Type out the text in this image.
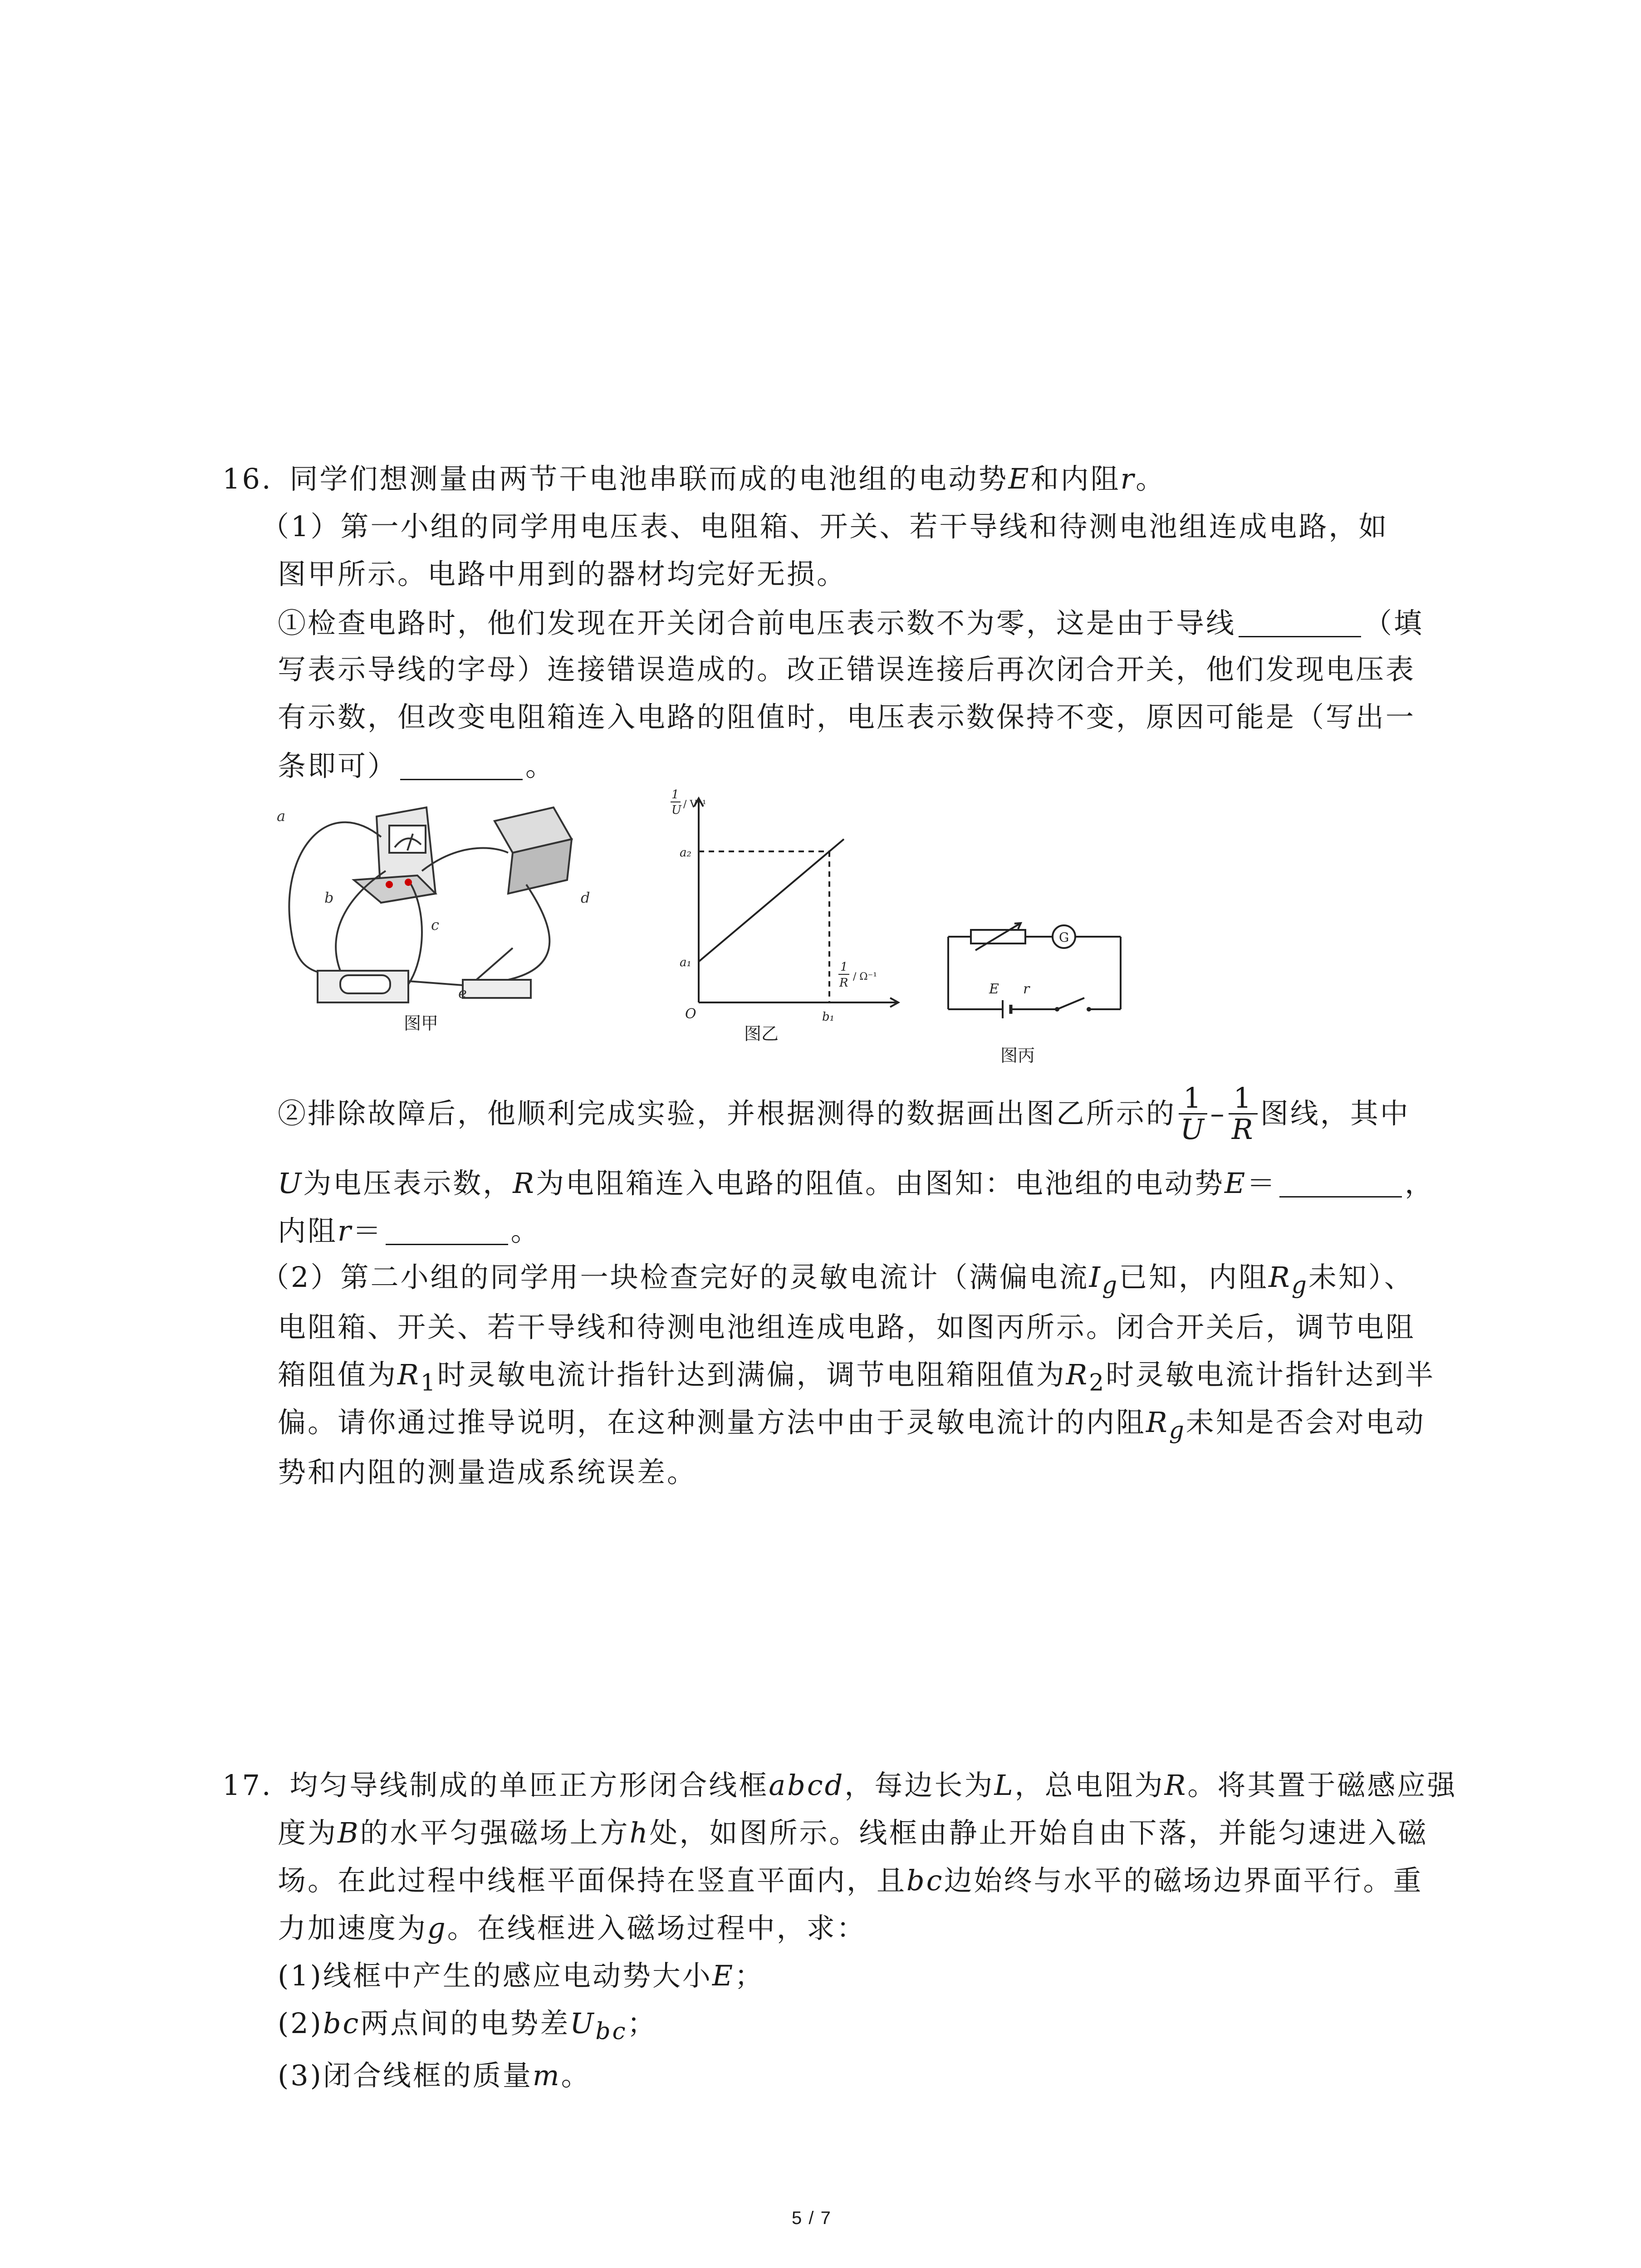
16. 同学们想测量由两节干电池串联而成的电池组的电动势E和内阻r。
（1）第一小组的同学用电压表、电阻箱、开关、若干导线和待测电池组连成电路，如
图甲所示。电路中用到的器材均完好无损。
①检查电路时，他们发现在开关闭合前电压表示数不为零，这是由于导线	（填
写表示导线的字母）连接错误造成的。改正错误连接后再次闭合开关，他们发现电压表
有示数，但改变电阻箱连入电路的阻值时，电压表示数保持不变，原因可能是（写出一
条即可）	。
a
b
c
d
e
图甲
1
U / V⁻¹
a₂
a₁	1
R / Ω⁻¹
O	b₁
图乙
G
E r
图丙
②排除故障后，他顺利完成实验，并根据测得的数据画出图乙所示的 $\frac{1}{U} - \frac{1}{R}$ 图线，其中
U为电压表示数，R为电阻箱连入电路的阻值。由图知：电池组的电动势E＝	，
内阻r＝	。
（2）第二小组的同学用一块检查完好的灵敏电流计（满偏电流$I_g$已知，内阻$R_g$未知）、
电阻箱、开关、若干导线和待测电池组连成电路，如图丙所示。闭合开关后，调节电阻
箱阻值为$R_1$时灵敏电流计指针达到满偏，调节电阻箱阻值为$R_2$时灵敏电流计指针达到半
偏。请你通过推导说明，在这种测量方法中由于灵敏电流计的内阻$R_g$未知是否会对电动
势和内阻的测量造成系统误差。
17. 均匀导线制成的单匝正方形闭合线框abcd，每边长为L，总电阻为R。将其置于磁感应强
度为B的水平匀强磁场上方h处，如图所示。线框由静止开始自由下落，并能匀速进入磁
场。在此过程中线框平面保持在竖直平面内，且bc边始终与水平的磁场边界面平行。重
力加速度为g。在线框进入磁场过程中，求：
(1)线框中产生的感应电动势大小E；
(2)bc两点间的电势差$U_{bc}$；
(3)闭合线框的质量m。
5 / 7
